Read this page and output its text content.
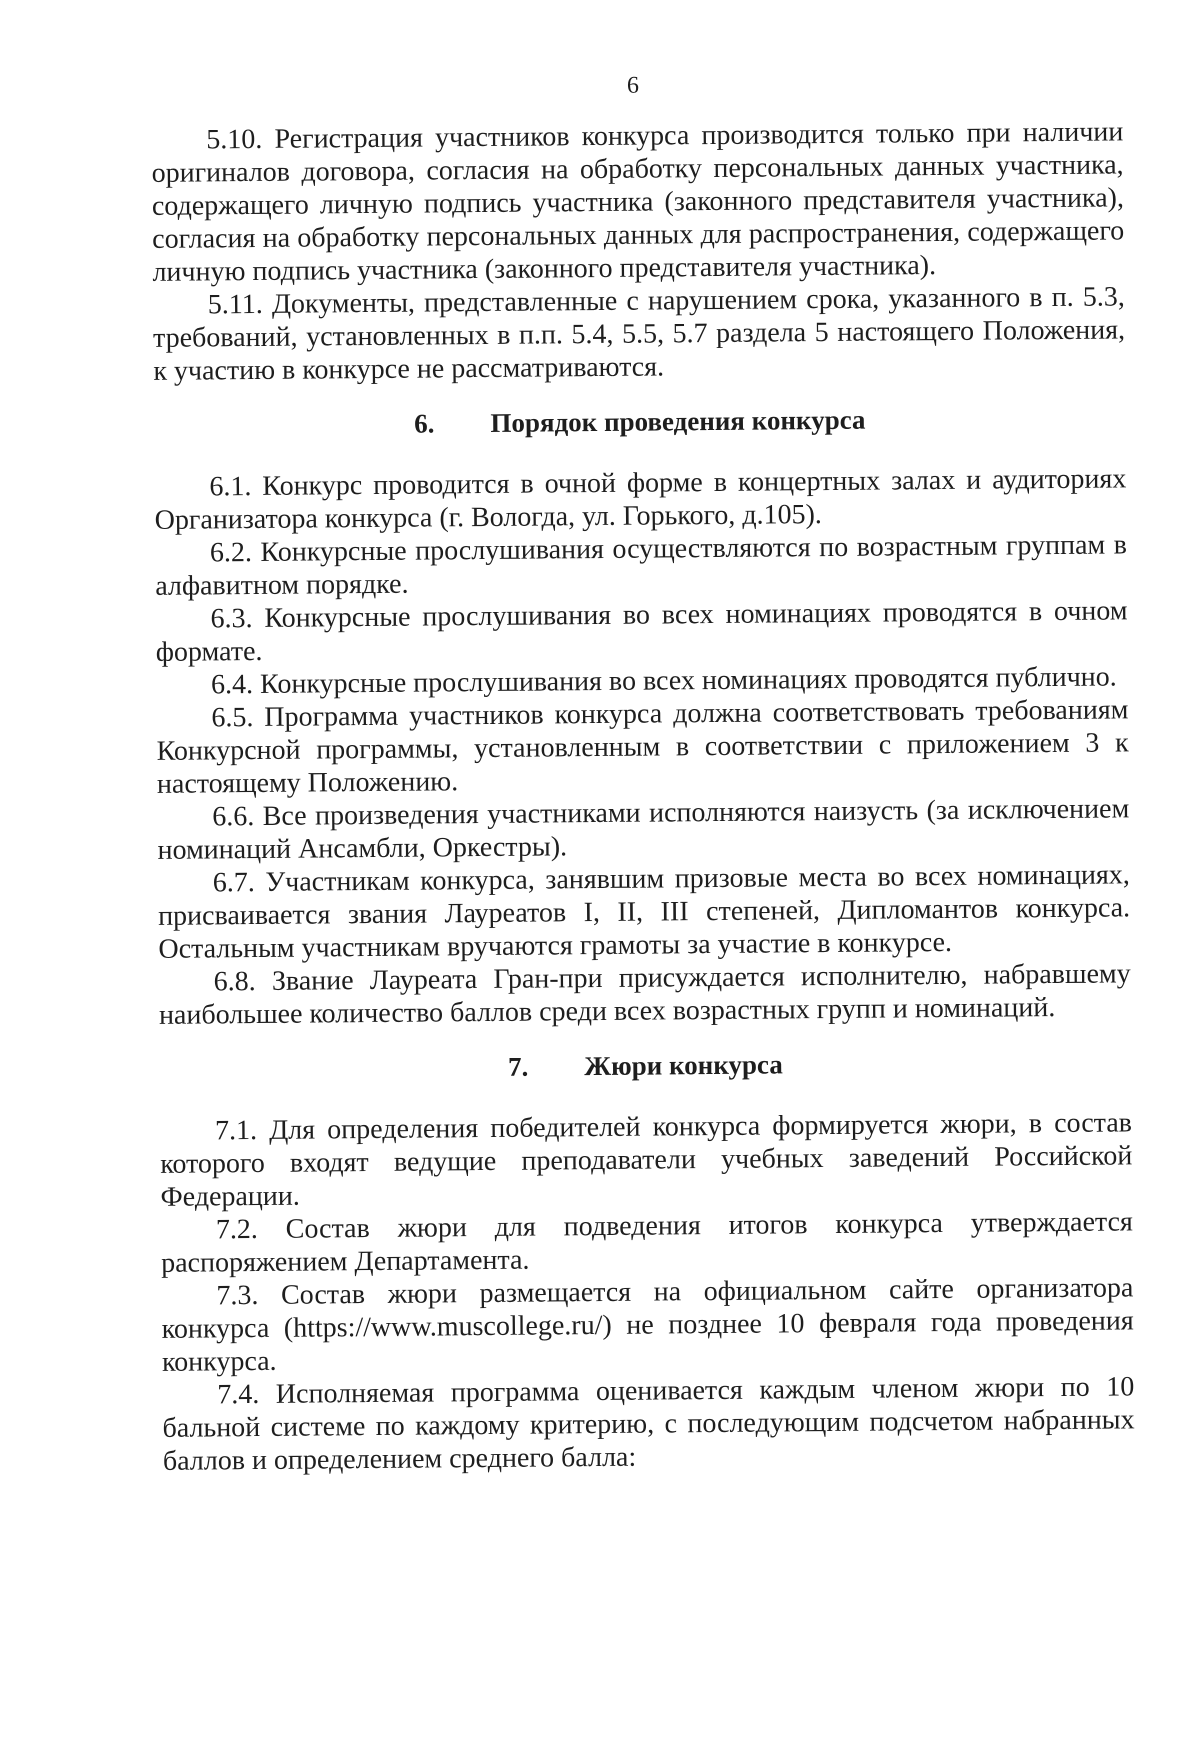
6

5.10. Регистрация участников конкурса производится только при наличии оригиналов договора, согласия на обработку персональных данных участника, содержащего личную подпись участника (законного представителя участника), согласия на обработку персональных данных для распространения, содержащего личную подпись участника (законного представителя участника).

5.11. Документы, представленные с нарушением срока, указанного в п. 5.3, требований, установленных в п.п. 5.4, 5.5, 5.7 раздела 5 настоящего Положения, к участию в конкурсе не рассматриваются.

6. Порядок проведения конкурса

6.1. Конкурс проводится в очной форме в концертных залах и аудиториях Организатора конкурса (г. Вологда, ул. Горького, д.105).

6.2. Конкурсные прослушивания осуществляются по возрастным группам в алфавитном порядке.

6.3. Конкурсные прослушивания во всех номинациях проводятся в очном формате.

6.4. Конкурсные прослушивания во всех номинациях проводятся публично.

6.5. Программа участников конкурса должна соответствовать требованиям Конкурсной программы, установленным в соответствии с приложением 3 к настоящему Положению.

6.6. Все произведения участниками исполняются наизусть (за исключением номинаций Ансамбли, Оркестры).

6.7. Участникам конкурса, занявшим призовые места во всех номинациях, присваивается звания Лауреатов I, II, III степеней, Дипломантов конкурса. Остальным участникам вручаются грамоты за участие в конкурсе.

6.8. Звание Лауреата Гран-при присуждается исполнителю, набравшему наибольшее количество баллов среди всех возрастных групп и номинаций.

7. Жюри конкурса

7.1. Для определения победителей конкурса формируется жюри, в состав которого входят ведущие преподаватели учебных заведений Российской Федерации.

7.2. Состав жюри для подведения итогов конкурса утверждается распоряжением Департамента.

7.3. Состав жюри размещается на официальном сайте организатора конкурса (https://www.muscollege.ru/) не позднее 10 февраля года проведения конкурса.

7.4. Исполняемая программа оценивается каждым членом жюри по 10 бальной системе по каждому критерию, с последующим подсчетом набранных баллов и определением среднего балла:
